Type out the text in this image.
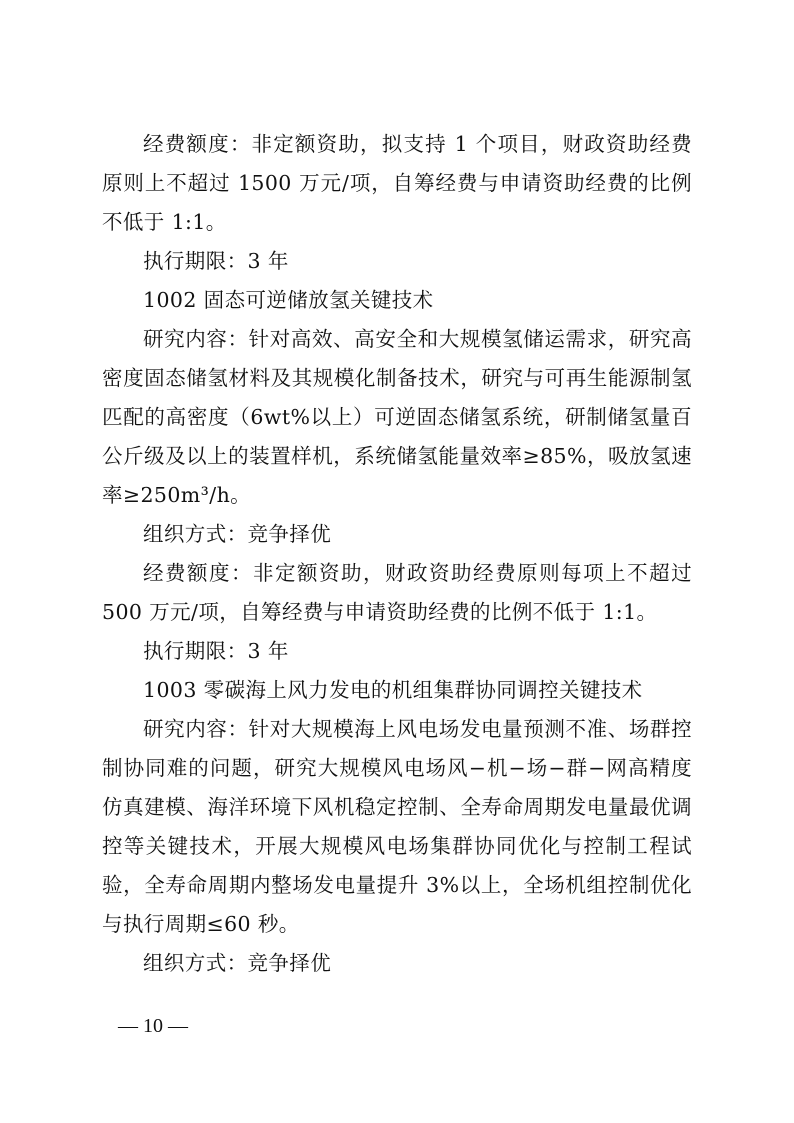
经费额度：非定额资助，拟支持 1 个项目，财政资助经费原则上不超过 1500 万元/项，自筹经费与申请资助经费的比例不低于 1:1。

执行期限：3 年

1002 固态可逆储放氢关键技术

研究内容：针对高效、高安全和大规模氢储运需求，研究高密度固态储氢材料及其规模化制备技术，研究与可再生能源制氢匹配的高密度（6wt%以上）可逆固态储氢系统，研制储氢量百公斤级及以上的装置样机，系统储氢能量效率≥85%，吸放氢速率≥250m³/h。

组织方式：竞争择优

经费额度：非定额资助，财政资助经费原则每项上不超过 500 万元/项，自筹经费与申请资助经费的比例不低于 1:1。

执行期限：3 年

1003 零碳海上风力发电的机组集群协同调控关键技术

研究内容：针对大规模海上风电场发电量预测不准、场群控制协同难的问题，研究大规模风电场风−机−场−群−网高精度仿真建模、海洋环境下风机稳定控制、全寿命周期发电量最优调控等关键技术，开展大规模风电场集群协同优化与控制工程试验，全寿命周期内整场发电量提升 3%以上，全场机组控制优化与执行周期≤60 秒。

组织方式：竞争择优

— 10 —
